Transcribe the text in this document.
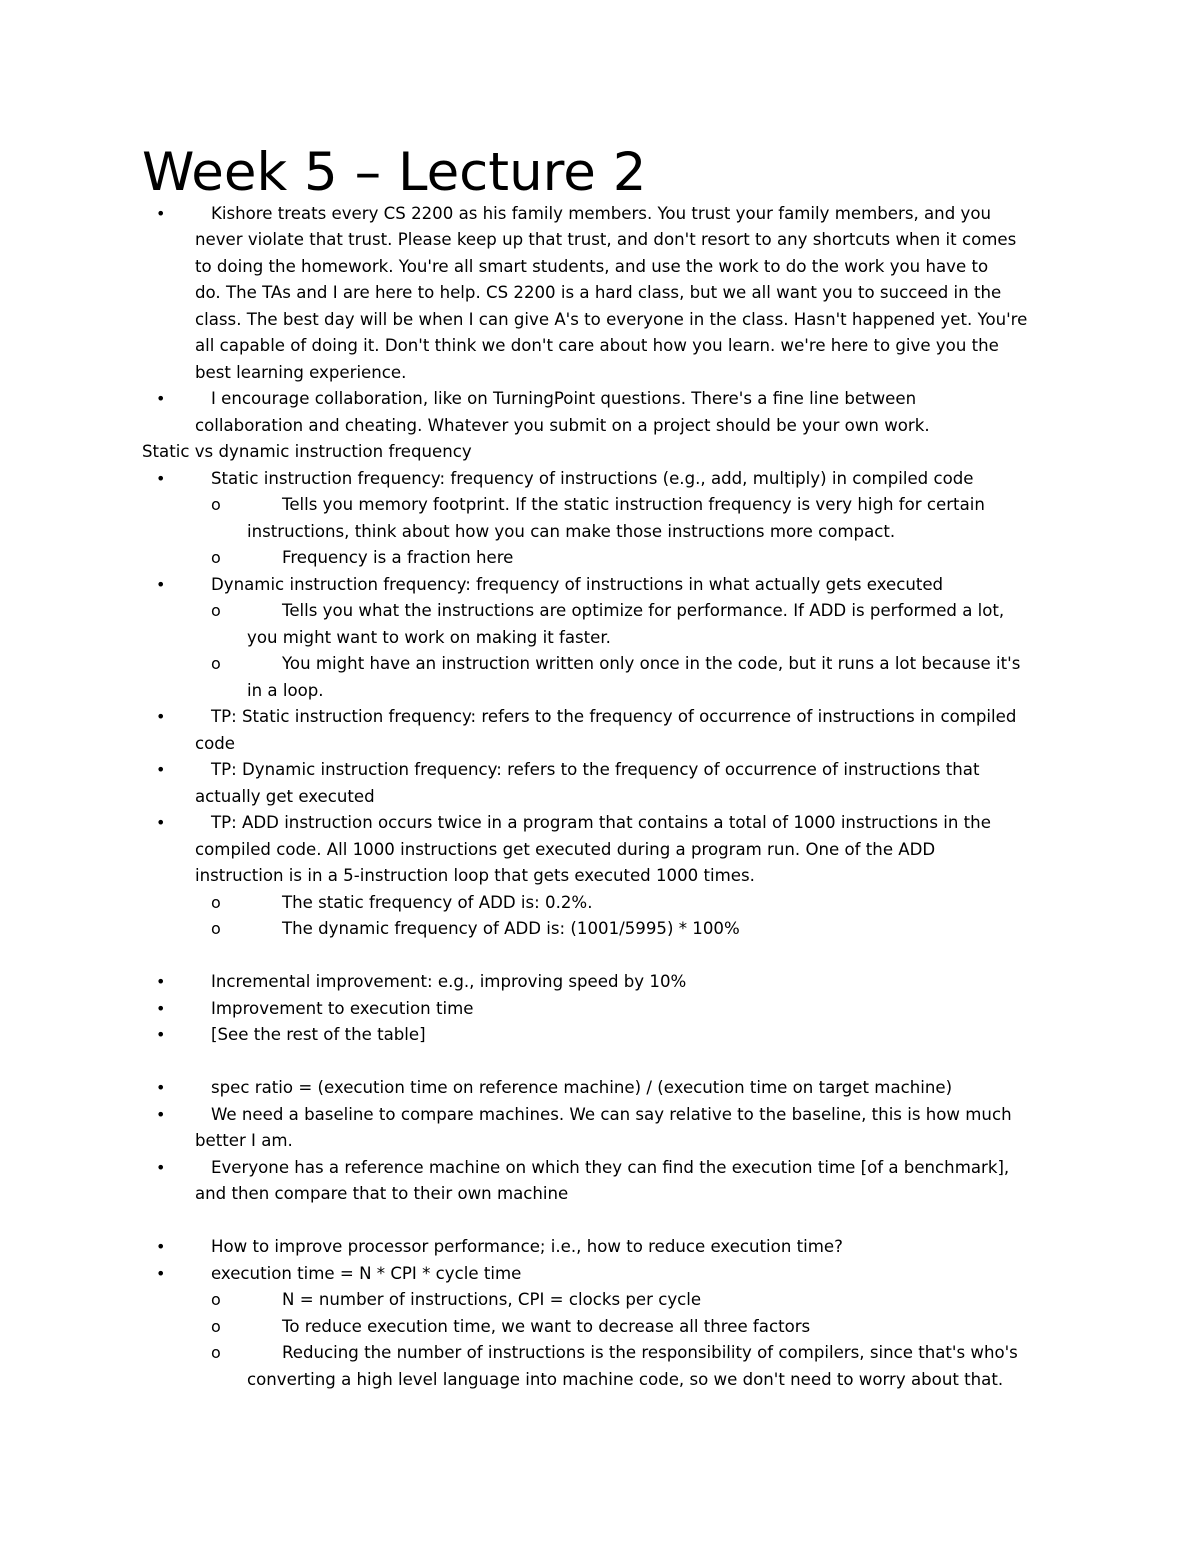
Week 5 – Lecture 2
•	Kishore treats every CS 2200 as his family members. You trust your family members, and you
never violate that trust. Please keep up that trust, and don't resort to any shortcuts when it comes
to doing the homework. You're all smart students, and use the work to do the work you have to
do. The TAs and I are here to help. CS 2200 is a hard class, but we all want you to succeed in the
class. The best day will be when I can give A's to everyone in the class. Hasn't happened yet. You're
all capable of doing it. Don't think we don't care about how you learn. we're here to give you the
best learning experience.
•	I encourage collaboration, like on TurningPoint questions. There's a fine line between
collaboration and cheating. Whatever you submit on a project should be your own work.
Static vs dynamic instruction frequency
•	Static instruction frequency: frequency of instructions (e.g., add, multiply) in compiled code
o	Tells you memory footprint. If the static instruction frequency is very high for certain
instructions, think about how you can make those instructions more compact.
o	Frequency is a fraction here
•	Dynamic instruction frequency: frequency of instructions in what actually gets executed
o	Tells you what the instructions are optimize for performance. If ADD is performed a lot,
you might want to work on making it faster.
o	You might have an instruction written only once in the code, but it runs a lot because it's
in a loop.
•	TP: Static instruction frequency: refers to the frequency of occurrence of instructions in compiled
code
•	TP: Dynamic instruction frequency: refers to the frequency of occurrence of instructions that
actually get executed
•	TP: ADD instruction occurs twice in a program that contains a total of 1000 instructions in the
compiled code. All 1000 instructions get executed during a program run. One of the ADD
instruction is in a 5-instruction loop that gets executed 1000 times.
o	The static frequency of ADD is: 0.2%.
o	The dynamic frequency of ADD is: (1001/5995) * 100%
•	Incremental improvement: e.g., improving speed by 10%
•	Improvement to execution time
•	[See the rest of the table]
•	spec ratio = (execution time on reference machine) / (execution time on target machine)
•	We need a baseline to compare machines. We can say relative to the baseline, this is how much
better I am.
•	Everyone has a reference machine on which they can find the execution time [of a benchmark],
and then compare that to their own machine
•	How to improve processor performance; i.e., how to reduce execution time?
•	execution time = N * CPI * cycle time
o	N = number of instructions, CPI = clocks per cycle
o	To reduce execution time, we want to decrease all three factors
o	Reducing the number of instructions is the responsibility of compilers, since that's who's
converting a high level language into machine code, so we don't need to worry about that.
